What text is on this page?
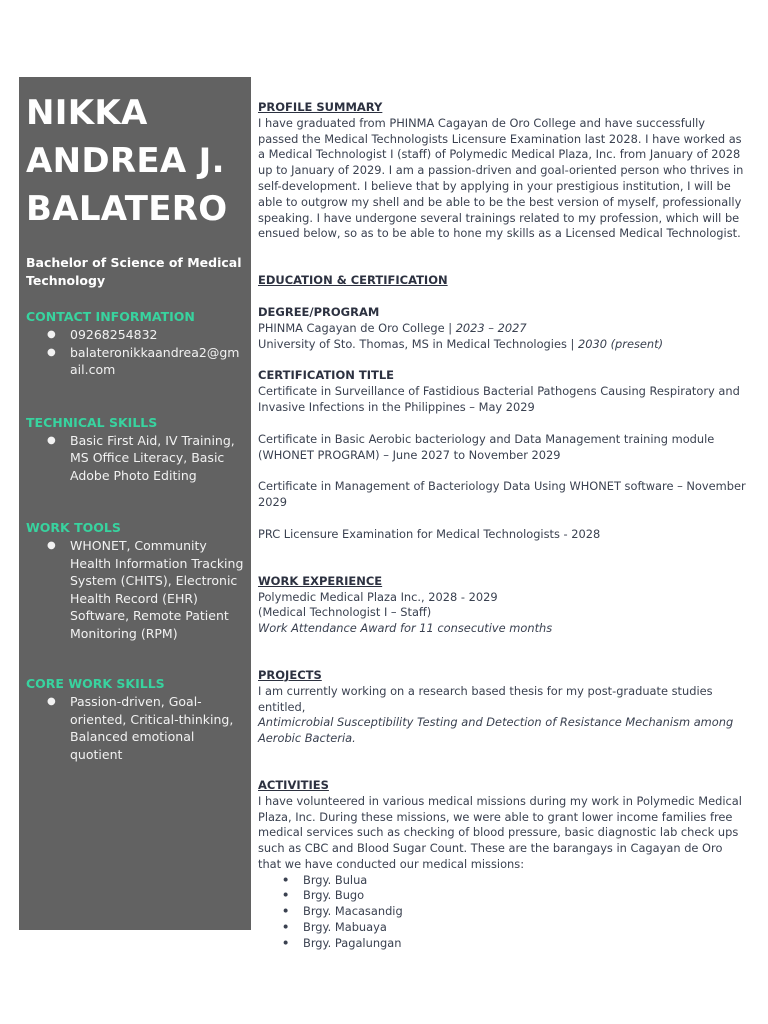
NIKKA
ANDREA J.
BALATERO
Bachelor of Science of Medical Technology
CONTACT INFORMATION
● 09268254832
● balateronikkaandrea2@gmail.com
TECHNICAL SKILLS
● Basic First Aid, IV Training, MS Office Literacy, Basic Adobe Photo Editing
WORK TOOLS
● WHONET, Community Health Information Tracking System (CHITS), Electronic Health Record (EHR) Software, Remote Patient Monitoring (RPM)
CORE WORK SKILLS
● Passion-driven, Goal-oriented, Critical-thinking, Balanced emotional quotient
PROFILE SUMMARY

I have graduated from PHINMA Cagayan de Oro College and have successfully passed the Medical Technologists Licensure Examination last 2028. I have worked as a Medical Technologist I (staff) of Polymedic Medical Plaza, Inc. from January of 2028 up to January of 2029. I am a passion-driven and goal-oriented person who thrives in self-development. I believe that by applying in your prestigious institution, I will be able to outgrow my shell and be able to be the best version of myself, professionally speaking. I have undergone several trainings related to my profession, which will be ensued below, so as to be able to hone my skills as a Licensed Medical Technologist.

EDUCATION & CERTIFICATION
DEGREE/PROGRAM

PHINMA Cagayan de Oro College | 2023 – 2027

University of Sto. Thomas, MS in Medical Technologies | 2030 (present)

CERTIFICATION TITLE

Certificate in Surveillance of Fastidious Bacterial Pathogens Causing Respiratory and Invasive Infections in the Philippines – May 2029

Certificate in Basic Aerobic bacteriology and Data Management training module (WHONET PROGRAM) – June 2027 to November 2029

Certificate in Management of Bacteriology Data Using WHONET software – November 2029

PRC Licensure Examination for Medical Technologists - 2028

WORK EXPERIENCE

Polymedic Medical Plaza Inc., 2028 - 2029

(Medical Technologist I – Staff)

Work Attendance Award for 11 consecutive months

PROJECTS

I am currently working on a research based thesis for my post-graduate studies entitled,

Antimicrobial Susceptibility Testing and Detection of Resistance Mechanism among Aerobic Bacteria.

ACTIVITIES

I have volunteered in various medical missions during my work in Polymedic Medical Plaza, Inc. During these missions, we were able to grant lower income families free medical services such as checking of blood pressure, basic diagnostic lab check ups such as CBC and Blood Sugar Count. These are the barangays in Cagayan de Oro that we have conducted our medical missions:

• Brgy. Bulua
• Brgy. Bugo
• Brgy. Macasandig
• Brgy. Mabuaya
• Brgy. Pagalungan
